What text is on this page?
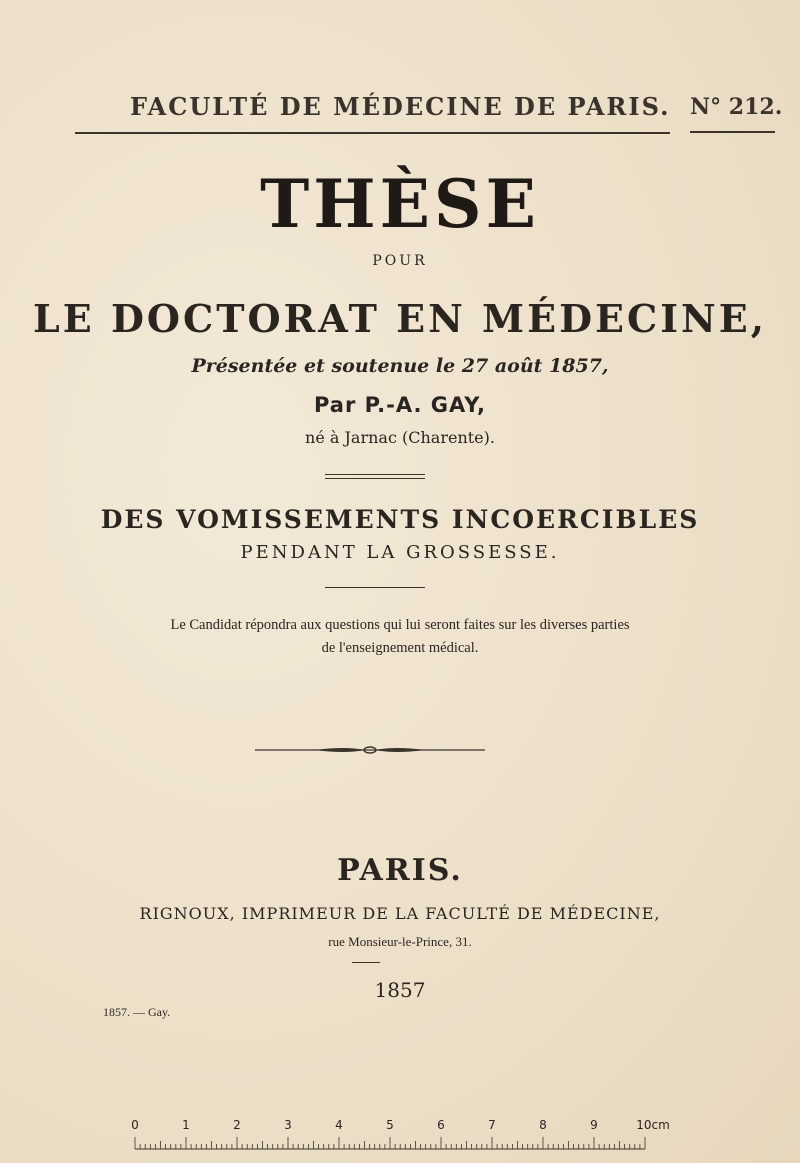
FACULTÉ DE MÉDECINE DE PARIS. N° 212.
THÈSE
POUR
LE DOCTORAT EN MÉDECINE,
Présentée et soutenue le 27 août 1857,
Par P.-A. GAY,
né à Jarnac (Charente).
DES VOMISSEMENTS INCOERCIBLES
PENDANT LA GROSSESSE.
Le Candidat répondra aux questions qui lui seront faites sur les diverses parties
de l'enseignement médical.
PARIS.
RIGNOUX, IMPRIMEUR DE LA FACULTÉ DE MÉDECINE,
rue Monsieur-le-Prince, 31.
1857
1857. — Gay.
0	1	2	3	4	5	6	7	8	9	10cm
